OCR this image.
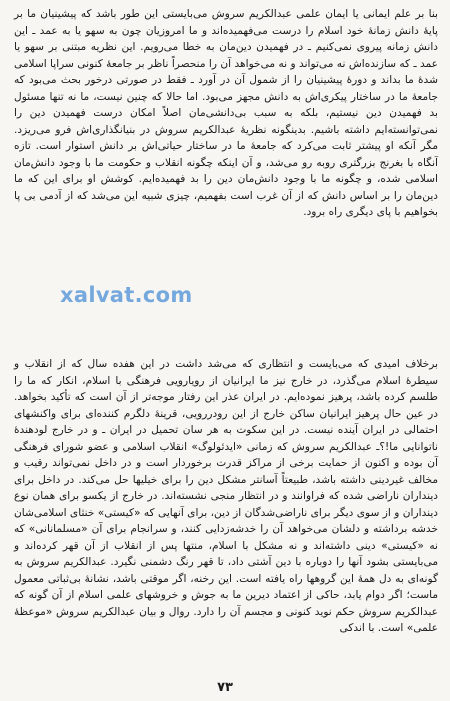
بنا بر علم ایمانی یا ایمان علمی عبدالکریم سروش می‌بایستی این طور باشد که پیشینیان ما بر پایهٔ دانش زمانهٔ خود اسلام را درست می‌فهمیده‌اند و ما امروزیان چون به سهو یا به عمد ـ این دانش زمانه پیروی نمی‌کنیم ـ در فهمیدن دین‌مان به خطا می‌رویم. این نظریه مبتنی بر سهو یا عمد ـ که سازنده‌اش نه می‌تواند و نه می‌خواهد آن را منحصراً ناظر بر جامعهٔ کنونی سراپا اسلامی شدهٔ ما بداند و دورهٔ پیشینیان را از شمول آن در آورد ـ فقط در صورتی درخور بحث می‌بود که جامعهٔ ما در ساختار پیکری‌اش به دانش مجهز می‌بود. اما حالا که چنین نیست، ما نه تنها مسئول بد فهمیدن دین نیستیم، بلکه به سبب بی‌دانشی‌مان اصلاً امکان درست فهمیدن دین را نمی‌توانسته‌ایم داشته باشیم. بدینگونه نظریهٔ عبدالکریم سروش در بنیانگذاری‌اش فرو می‌ریزد. مگر آنکه او پیشتر ثابت می‌کرد که جامعهٔ ما در ساختار حیاتی‌اش بر دانش استوار است. تازه آنگاه با بغرنج بزرگتری روبه رو می‌شد، و آن اینکه چگونه انقلاب و حکومت ما با وجود دانش‌مان اسلامی شده، و چگونه ما با وجود دانش‌مان دین را بد فهمیده‌ایم. کوشش او برای این که ما دین‌مان را بر اساس دانش که از آن غرب است بفهمیم، چیزی شبیه این می‌شد که از آدمی بی پا بخواهیم با پای دیگری راه برود.

xalvat.com

برخلاف امیدی که می‌بایست و انتظاری که می‌شد داشت در این هفده سال که از انقلاب و سیطرهٔ اسلام می‌گذرد، در خارج نیز ما ایرانیان از رویارویی فرهنگی با اسلام، انکار که ما را طلسم کرده باشد، پرهیز نموده‌ایم. در ایران عذر این رفتار موجه‌تر از آن است که تأکید بخواهد. در عین حال پرهیز ایرانیان ساکن خارج از این رودررویی، قرینهٔ دلگرم کننده‌ای برای واکنشهای احتمالی در ایران آینده نیست. در این سکوت به هر سان تحمیل در ایران ـ و در خارج لودهندهٔ ناتوانایی ما!؟ـ عبدالکریم سروش که زمانی «ایدئولوگ» انقلاب اسلامی و عضو شورای فرهنگی آن بوده و اکنون از حمایت برخی از مراکز قدرت برخوردار است و در داخل نمی‌تواند رقیب و مخالف غیردینی داشته باشد، طبیعتاً آسانتر مشکل دین را برای خیلیها حل می‌کند. در داخل برای دینداران ناراضی شده که فراوانند و در انتظار منجی نشسته‌اند. در خارج از یکسو برای همان نوع دینداران و از سوی دیگر برای ناراضی‌شدگان از دین، برای آنهایی که «کیستی» خنثای اسلامی‌شان خدشه برداشته و دلشان می‌خواهد آن را خدشه‌زدایی کنند، و سرانجام برای آن «مسلمانانی» که نه «کیستی» دینی داشته‌اند و نه مشکل با اسلام، منتها پس از انقلاب از آن قهر کرده‌اند و می‌بایستی بشود آنها را دوباره با دین آشتی داد، تا قهر رنگ دشمنی نگیرد. عبدالکریم سروش به گونه‌ای به دل همهٔ این گروهها راه یافته است. این رخنه، اگر موقتی باشد، نشانهٔ بی‌ثباتی معمول ماست؛ اگر دوام یابد، حاکی از اعتماد دیرین ما به جوش و خروشهای علمی اسلام از آن گونه که عبدالکریم سروش حکم نوید کنونی و مجسم آن را دارد. روال و بیان عبدالکریم سروش «موعظهٔ علمی» است. با اندکی

۷۳
